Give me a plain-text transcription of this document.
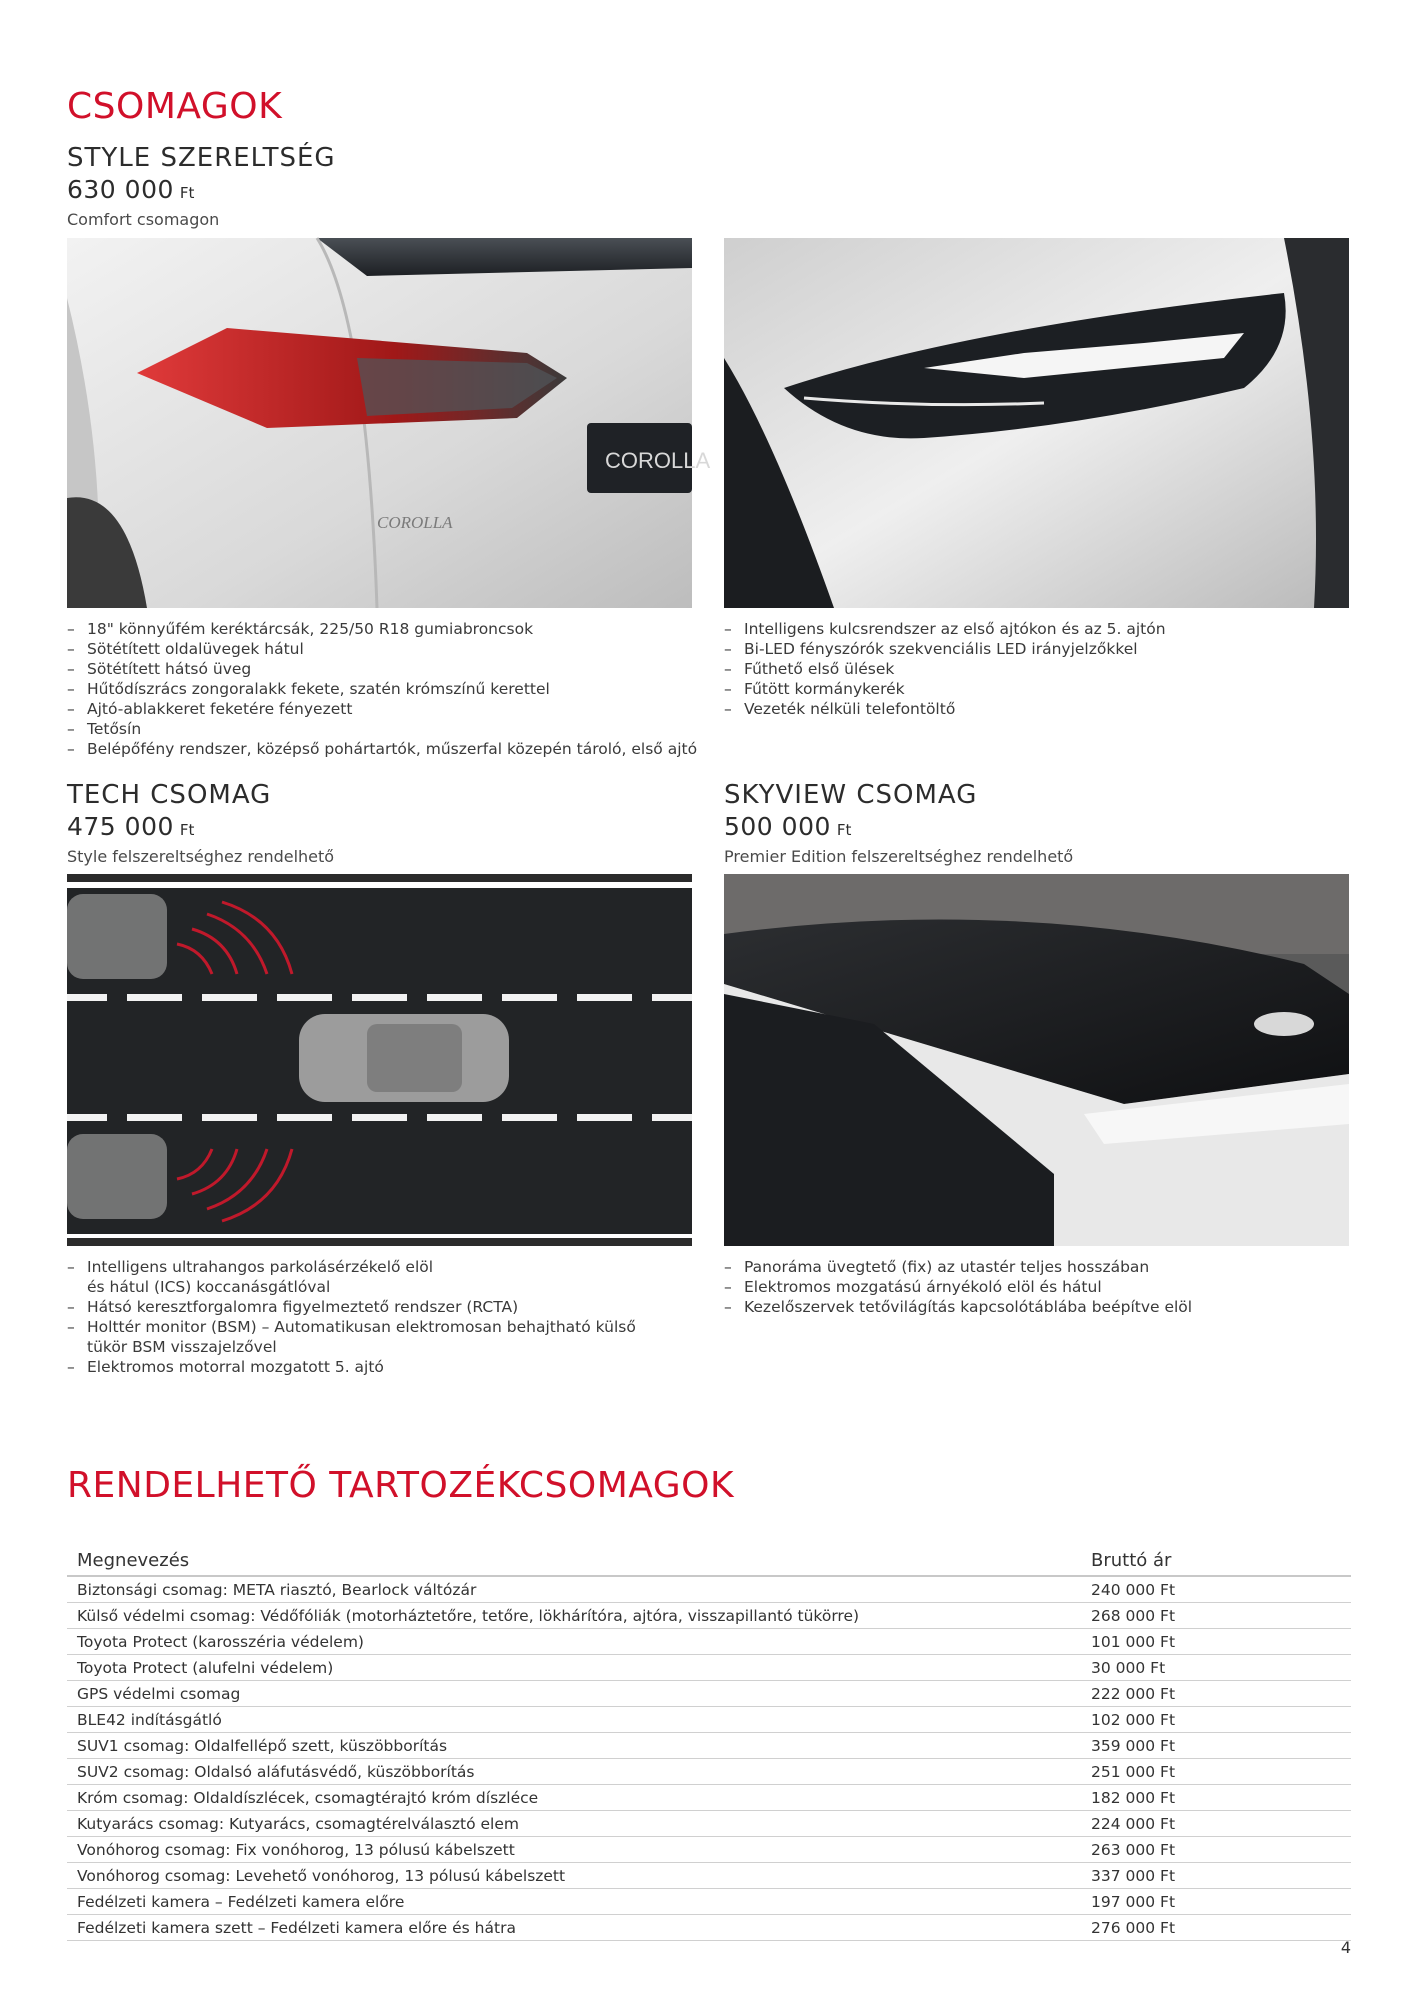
CSOMAGOK
STYLE SZERELTSÉG
630 000 Ft
Comfort csomagon
COROLLA
COROLLA
– 18" könnyűfém keréktárcsák, 225/50 R18 gumiabroncsok
– Sötétített oldalüvegek hátul
– Sötétített hátsó üveg
– Hűtődíszrács zongoralakk fekete, szatén krómszínű kerettel
– Ajtó-ablakkeret feketére fényezett
– Tetősín
– Belépőfény rendszer, középső pohártartók, műszerfal közepén tároló, első ajtó
– Intelligens kulcsrendszer az első ajtókon és az 5. ajtón
– Bi-LED fényszórók szekvenciális LED irányjelzőkkel
– Fűthető első ülések
– Fűtött kormánykerék
– Vezeték nélküli telefontöltő
TECH CSOMAG
475 000 Ft
Style felszereltséghez rendelhető
– Intelligens ultrahangos parkolásérzékelő elöl
és hátul (ICS) koccanásgátlóval
– Hátsó keresztforgalomra figyelmeztető rendszer (RCTA)
– Holttér monitor (BSM) – Automatikusan elektromosan behajtható külső
tükör BSM visszajelzővel
– Elektromos motorral mozgatott 5. ajtó
SKYVIEW CSOMAG
500 000 Ft
Premier Edition felszereltséghez rendelhető
– Panoráma üvegtető (fix) az utastér teljes hosszában
– Elektromos mozgatású árnyékoló elöl és hátul
– Kezelőszervek tetővilágítás kapcsolótáblába beépítve elöl
RENDELHETŐ TARTOZÉKCSOMAGOK
Megnevezés	Bruttó ár
Biztonsági csomag: META riasztó, Bearlock váltózár	240 000 Ft
Külső védelmi csomag: Védőfóliák (motorháztetőre, tetőre, lökhárítóra, ajtóra, visszapillantó tükörre)	268 000 Ft
Toyota Protect (karosszéria védelem)	101 000 Ft
Toyota Protect (alufelni védelem)	30 000 Ft
GPS védelmi csomag	222 000 Ft
BLE42 indításgátló	102 000 Ft
SUV1 csomag: Oldalfellépő szett, küszöbborítás	359 000 Ft
SUV2 csomag: Oldalsó aláfutásvédő, küszöbborítás	251 000 Ft
Króm csomag: Oldaldíszlécek, csomagtérajtó króm díszléce	182 000 Ft
Kutyarács csomag: Kutyarács, csomagtérelválasztó elem	224 000 Ft
Vonóhorog csomag: Fix vonóhorog, 13 pólusú kábelszett	263 000 Ft
Vonóhorog csomag: Levehető vonóhorog, 13 pólusú kábelszett	337 000 Ft
Fedélzeti kamera – Fedélzeti kamera előre	197 000 Ft
Fedélzeti kamera szett – Fedélzeti kamera előre és hátra	276 000 Ft
4
